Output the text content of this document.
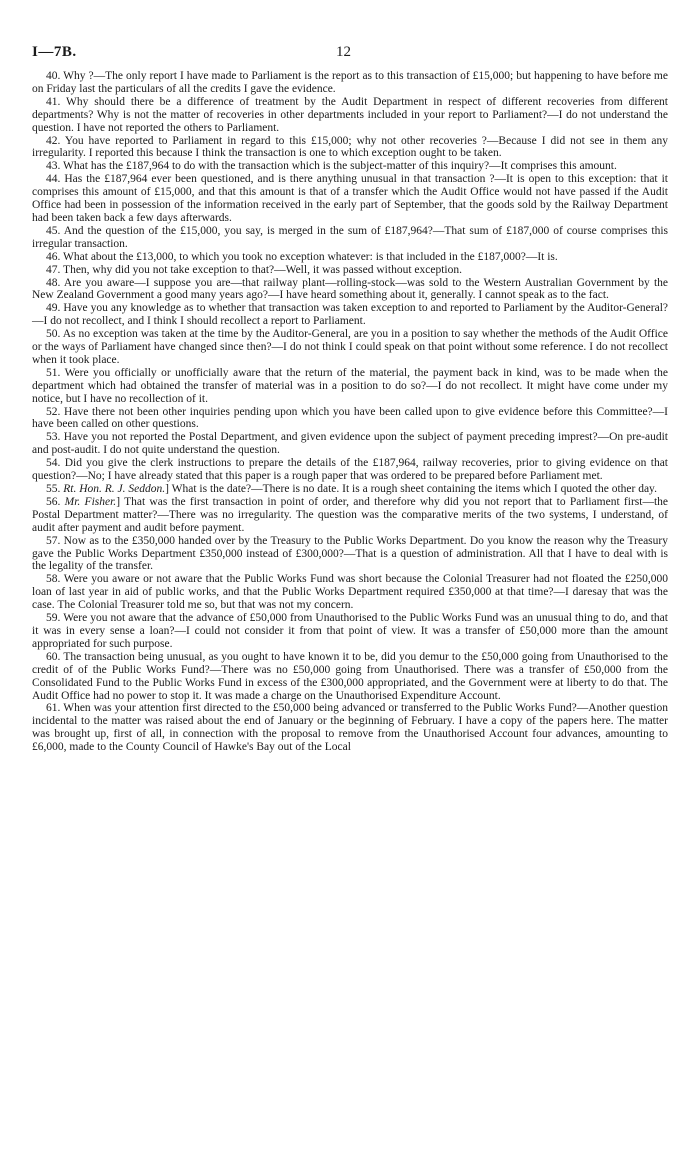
I—7B.	12

40. Why ?—The only report I have made to Parliament is the report as to this transaction of £15,000; but happening to have before me on Friday last the particulars of all the credits I gave the evidence.

41. Why should there be a difference of treatment by the Audit Department in respect of different recoveries from different departments? Why is not the matter of recoveries in other departments included in your report to Parliament?—I do not understand the question. I have not reported the others to Parliament.

42. You have reported to Parliament in regard to this £15,000; why not other recoveries ?—Because I did not see in them any irregularity. I reported this because I think the transaction is one to which exception ought to be taken.

43. What has the £187,964 to do with the transaction which is the subject-matter of this inquiry?—It comprises this amount.

44. Has the £187,964 ever been questioned, and is there anything unusual in that transaction ?—It is open to this exception: that it comprises this amount of £15,000, and that this amount is that of a transfer which the Audit Office would not have passed if the Audit Office had been in possession of the information received in the early part of September, that the goods sold by the Railway Department had been taken back a few days afterwards.

45. And the question of the £15,000, you say, is merged in the sum of £187,964?—That sum of £187,000 of course comprises this irregular transaction.

46. What about the £13,000, to which you took no exception whatever: is that included in the £187,000?—It is.

47. Then, why did you not take exception to that?—Well, it was passed without exception.

48. Are you aware—I suppose you are—that railway plant—rolling-stock—was sold to the Western Australian Government by the New Zealand Government a good many years ago?—I have heard something about it, generally. I cannot speak as to the fact.

49. Have you any knowledge as to whether that transaction was taken exception to and reported to Parliament by the Auditor-General?—I do not recollect, and I think I should recollect a report to Parliament.

50. As no exception was taken at the time by the Auditor-General, are you in a position to say whether the methods of the Audit Office or the ways of Parliament have changed since then?—I do not think I could speak on that point without some reference. I do not recollect when it took place.

51. Were you officially or unofficially aware that the return of the material, the payment back in kind, was to be made when the department which had obtained the transfer of material was in a position to do so?—I do not recollect. It might have come under my notice, but I have no recollection of it.

52. Have there not been other inquiries pending upon which you have been called upon to give evidence before this Committee?—I have been called on other questions.

53. Have you not reported the Postal Department, and given evidence upon the subject of payment preceding imprest?—On pre-audit and post-audit. I do not quite understand the question.

54. Did you give the clerk instructions to prepare the details of the £187,964, railway recoveries, prior to giving evidence on that question?—No; I have already stated that this paper is a rough paper that was ordered to be prepared before Parliament met.

55. Rt. Hon. R. J. Seddon.] What is the date?—There is no date. It is a rough sheet containing the items which I quoted the other day.

56. Mr. Fisher.] That was the first transaction in point of order, and therefore why did you not report that to Parliament first—the Postal Department matter?—There was no irregularity. The question was the comparative merits of the two systems, I understand, of audit after payment and audit before payment.

57. Now as to the £350,000 handed over by the Treasury to the Public Works Department. Do you know the reason why the Treasury gave the Public Works Department £350,000 instead of £300,000?—That is a question of administration. All that I have to deal with is the legality of the transfer.

58. Were you aware or not aware that the Public Works Fund was short because the Colonial Treasurer had not floated the £250,000 loan of last year in aid of public works, and that the Public Works Department required £350,000 at that time?—I daresay that was the case. The Colonial Treasurer told me so, but that was not my concern.

59. Were you not aware that the advance of £50,000 from Unauthorised to the Public Works Fund was an unusual thing to do, and that it was in every sense a loan?—I could not consider it from that point of view. It was a transfer of £50,000 more than the amount appropriated for such purpose.

60. The transaction being unusual, as you ought to have known it to be, did you demur to the £50,000 going from Unauthorised to the credit of of the Public Works Fund?—There was no £50,000 going from Unauthorised. There was a transfer of £50,000 from the Consolidated Fund to the Public Works Fund in excess of the £300,000 appropriated, and the Government were at liberty to do that. The Audit Office had no power to stop it. It was made a charge on the Unauthorised Expenditure Account.

61. When was your attention first directed to the £50,000 being advanced or transferred to the Public Works Fund?—Another question incidental to the matter was raised about the end of January or the beginning of February. I have a copy of the papers here. The matter was brought up, first of all, in connection with the proposal to remove from the Unauthorised Account four advances, amounting to £6,000, made to the County Council of Hawke's Bay out of the Local
